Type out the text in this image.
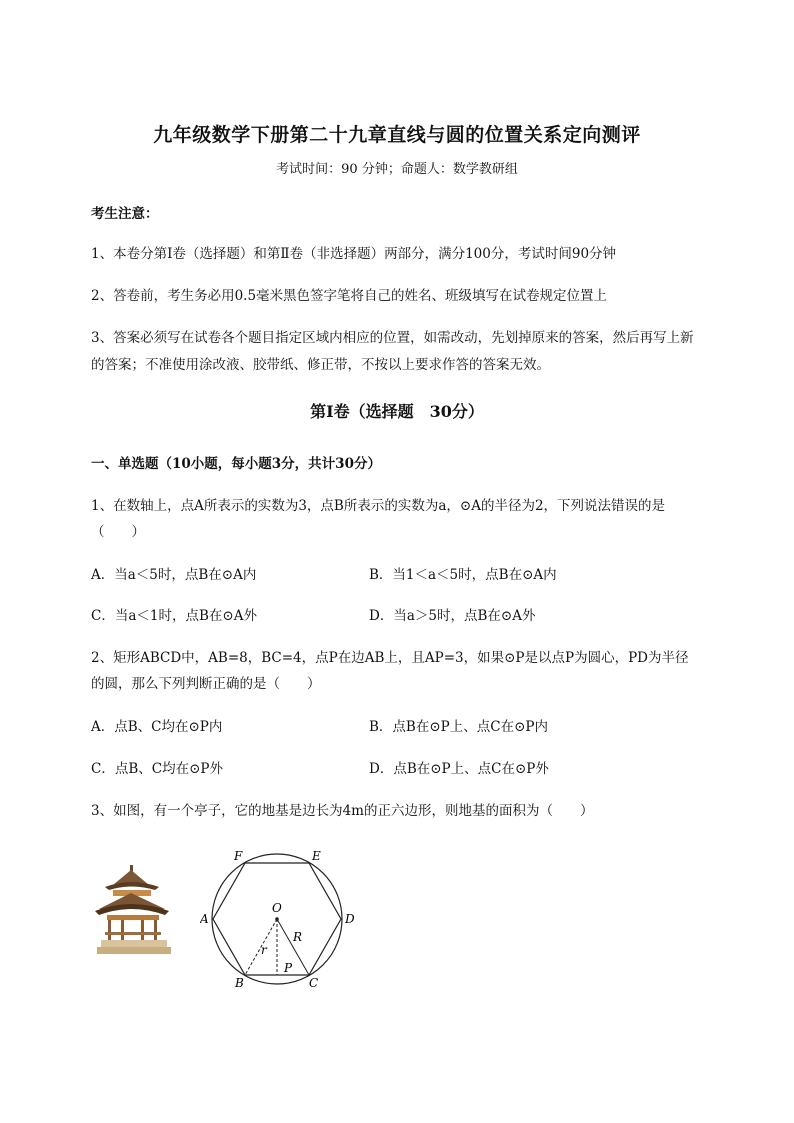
九年级数学下册第二十九章直线与圆的位置关系定向测评
考试时间：90 分钟；命题人：数学教研组
考生注意：
1、本卷分第I卷（选择题）和第Ⅱ卷（非选择题）两部分，满分100分，考试时间90分钟
2、答卷前，考生务必用0.5毫米黑色签字笔将自己的姓名、班级填写在试卷规定位置上
3、答案必须写在试卷各个题目指定区域内相应的位置，如需改动，先划掉原来的答案，然后再写上新
的答案；不准使用涂改液、胶带纸、修正带，不按以上要求作答的答案无效。
第I卷（选择题　30分）
一、单选题（10小题，每小题3分，共计30分）
1、在数轴上，点A所表示的实数为3，点B所表示的实数为a，⊙A的半径为2，下列说法错误的是
（　　）
A．当a＜5时，点B在⊙A内	B．当1＜a＜5时，点B在⊙A内
C．当a＜1时，点B在⊙A外	D．当a＞5时，点B在⊙A外
2、矩形ABCD中，AB=8，BC=4，点P在边AB上，且AP=3，如果⊙P是以点P为圆心，PD为半径
的圆，那么下列判断正确的是（　　）
A．点B、C均在⊙P内	B．点B在⊙P上、点C在⊙P内
C．点B、C均在⊙P外	D．点B在⊙P上、点C在⊙P外
3、如图，有一个亭子，它的地基是边长为4m的正六边形，则地基的面积为（　　）
F	E
A	D
O
R
r
P
B	C
